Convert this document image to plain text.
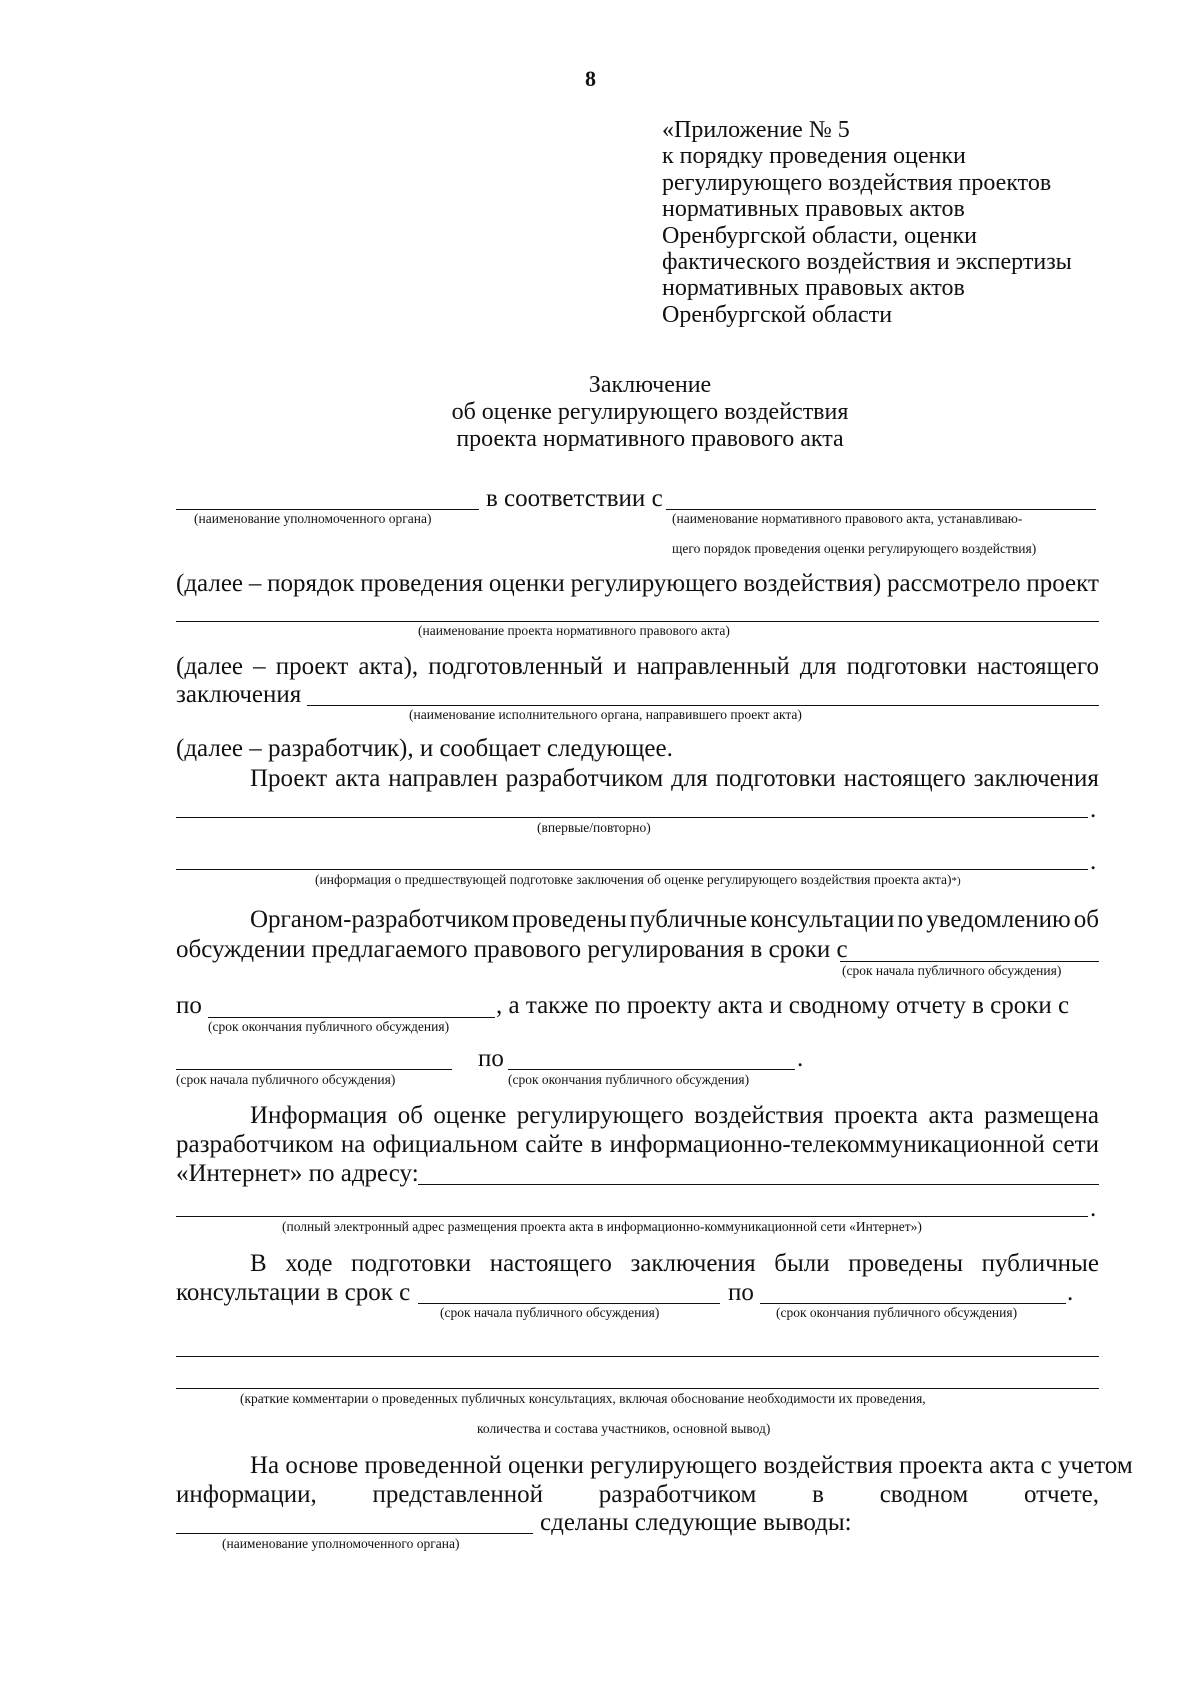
8
«Приложение № 5
к порядку проведения оценки
регулирующего воздействия проектов
нормативных правовых актов
Оренбургской области, оценки
фактического воздействия и экспертизы
нормативных правовых актов
Оренбургской области
Заключение
об оценке регулирующего воздействия
проекта нормативного правового акта
в соответствии с
(наименование уполномоченного органа)	(наименование нормативного правового акта, устанавливаю-
щего порядок проведения оценки регулирующего воздействия)
(далее – порядок проведения оценки регулирующего воздействия) рассмотрело проект
(наименование проекта нормативного правового акта)
(далее – проект акта), подготовленный и направленный для подготовки настоящего
заключения
(наименование исполнительного органа, направившего проект акта)
(далее – разработчик), и сообщает следующее.
Проект акта направлен разработчиком для подготовки настоящего заключения
.
(впервые/повторно)
.
(информация о предшествующей подготовке заключения об оценке регулирующего воздействия проекта акта)*)
Органом-разработчиком проведены публичные консультации по уведомлению об
обсуждении предлагаемого правового регулирования в сроки с
(срок начала публичного обсуждения)
по	, а также по проекту акта и сводному отчету в сроки с
(срок окончания публичного обсуждения)
по	.
(срок начала публичного обсуждения)	(срок окончания публичного обсуждения)
Информация об оценке регулирующего воздействия проекта акта размещена
разработчиком на официальном сайте в информационно-телекоммуникационной сети
«Интернет» по адресу:
.
(полный электронный адрес размещения проекта акта в информационно-коммуникационной сети «Интернет»)
В ходе подготовки настоящего заключения были проведены публичные
консультации в срок с	по	.
(срок начала публичного обсуждения)	(срок окончания публичного обсуждения)
(краткие комментарии о проведенных публичных консультациях, включая обоснование необходимости их проведения,
количества и состава участников, основной вывод)
На основе проведенной оценки регулирующего воздействия проекта акта с учетом
информации, представленной разработчиком в сводном отчете,
сделаны следующие выводы:
(наименование уполномоченного органа)
